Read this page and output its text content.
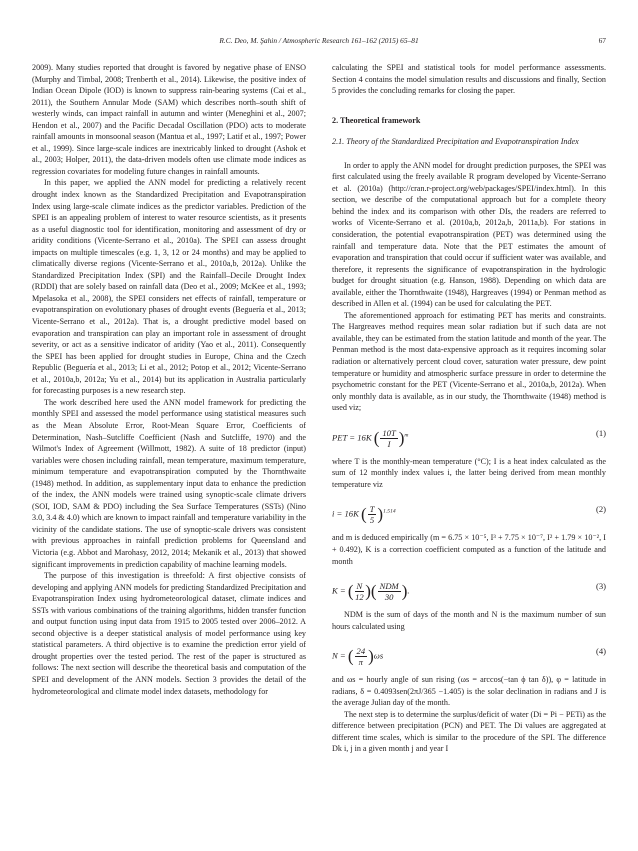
R.C. Deo, M. Şahin / Atmospheric Research 161–162 (2015) 65–81	67

2009). Many studies reported that drought is favored by negative phase of ENSO (Murphy and Timbal, 2008; Trenberth et al., 2014). Likewise, the positive index of Indian Ocean Dipole (IOD) is known to suppress rain-bearing systems (Cai et al., 2011), the Southern Annular Mode (SAM) which describes north–south shift of westerly winds, can impact rainfall in autumn and winter (Meneghini et al., 2007; Hendon et al., 2007) and the Pacific Decadal Oscillation (PDO) acts to moderate rainfall amounts in monsoonal season (Mantua et al., 1997; Latif et al., 1997; Power et al., 1999). Since large-scale indices are inextricably linked to drought (Ashok et al., 2003; Holper, 2011), the data-driven models often use climate mode indices as regression covariates for modeling future changes in rainfall amounts.

In this paper, we applied the ANN model for predicting a relatively recent drought index known as the Standardized Precipitation and Evapotranspiration Index using large-scale climate indices as the predictor variables. Prediction of the SPEI is an appealing problem of interest to water resource scientists, as it presents as a useful diagnostic tool for identification, monitoring and assessment of dry or aridity conditions (Vicente-Serrano et al., 2010a). The SPEI can assess drought impacts on multiple timescales (e.g. 1, 3, 12 or 24 months) and may be applied to climatically diverse regions (Vicente-Serrano et al., 2010a,b, 2012a). Unlike the Standardized Precipitation Index (SPI) and the Rainfall–Decile Drought Index (RDDI) that are solely based on rainfall data (Deo et al., 2009; McKee et al., 1993; Mpelasoka et al., 2008), the SPEI considers net effects of rainfall, temperature or evapotranspiration on evolutionary phases of drought events (Beguería et al., 2013; Vicente-Serrano et al., 2012a). That is, a drought predictive model based on evaporation and transpiration can play an important role in assessment of drought severity, or act as a sensitive indicator of aridity (Yao et al., 2011). Consequently the SPEI has been applied for drought studies in Europe, China and the Czech Republic (Beguería et al., 2013; Li et al., 2012; Potop et al., 2012; Vicente-Serrano et al., 2010a,b, 2012a; Yu et al., 2014) but its application in Australia particularly for forecasting purposes is a new research step.

The work described here used the ANN model framework for predicting the monthly SPEI and assessed the model performance using statistical measures such as the Mean Absolute Error, Root-Mean Square Error, Coefficients of Determination, Nash–Sutcliffe Coefficient (Nash and Sutcliffe, 1970) and the Wilmot's Index of Agreement (Willmott, 1982). A suite of 18 predictor (input) variables were chosen including rainfall, mean temperature, maximum temperature, minimum temperature and evapotranspiration computed by the Thornthwaite (1948) method. In addition, as supplementary input data to enhance the prediction of the index, the ANN models were trained using synoptic-scale climate drivers (SOI, IOD, SAM & PDO) including the Sea Surface Temperatures (SSTs) (Nino 3.0, 3.4 & 4.0) which are known to impact rainfall and temperature variability in the vicinity of the candidate stations. The use of synoptic-scale drivers was consistent with previous approaches in rainfall prediction problems for Queensland and Victoria (e.g. Abbot and Marohasy, 2012, 2014; Mekanik et al., 2013) that showed significant improvements in prediction capability of machine learning models.

The purpose of this investigation is threefold: A first objective consists of developing and applying ANN models for predicting Standardized Precipitation and Evapotranspiration Index using hydrometeorological dataset, climate indices and SSTs with various combinations of the training algorithms, hidden transfer function and output function using input data from 1915 to 2005 tested over 2006–2012. A second objective is a deeper statistical analysis of model performance using key statistical parameters. A third objective is to examine the prediction error yield of drought properties over the tested period. The rest of the paper is structured as follows: The next section will describe the theoretical basis and computation of the SPEI and development of the ANN models. Section 3 provides the detail of the hydrometeorological and climate model index datasets, methodology for

calculating the SPEI and statistical tools for model performance assessments. Section 4 contains the model simulation results and discussions and finally, Section 5 provides the concluding remarks for closing the paper.

2. Theoretical framework

2.1. Theory of the Standardized Precipitation and Evapotranspiration Index

In order to apply the ANN model for drought prediction purposes, the SPEI was first calculated using the freely available R program developed by Vicente-Serrano et al. (2010a) (http://cran.r-project.org/web/packages/SPEI/index.html). In this section, we describe of the computational approach but for a complete theory behind the index and its comparison with other DIs, the readers are referred to works of Vicente-Serrano et al. (2010a,b, 2012a,b, 2011a,b). For stations in consideration, the potential evapotranspiration (PET) was determined using the rainfall and temperature data. Note that the PET estimates the amount of evaporation and transpiration that could occur if sufficient water was available, and therefore, it represents the significance of evapotranspiration in the hydrologic budget for drought situation (e.g. Hanson, 1988). Depending on which data are available, either the Thornthwaite (1948), Hargreaves (1994) or Penman method as described in Allen et al. (1994) can be used for calculating the PET.

The aforementioned approach for estimating PET has merits and constraints. The Hargreaves method requires mean solar radiation but if such data are not available, they can be estimated from the station latitude and month of the year. The Penman method is the most data-expensive approach as it requires incoming solar radiation or alternatively percent cloud cover, saturation water pressure, dew point temperature or humidity and atmospheric surface pressure in order to determine the psychometric constant for the PET (Vicente-Serrano et al., 2010a,b, 2012a). When only monthly data is available, as in our study, the Thornthwaite (1948) method is used viz;

PET = 16K ( $\frac{10T}{I} )^m$	(1)

where T is the monthly-mean temperature (°C); I is a heat index calculated as the sum of 12 monthly index values i, the latter being derived from mean monthly temperature viz

i = 16K ( $\frac{T}{5} )^{1.514}$	(2)

and m is deduced empirically (m = 6.75 × 10⁻⁵, I³ + 7.75 × 10⁻⁷, I² + 1.79 × 10⁻², I + 0.492), K is a correction coefficient computed as a function of the latitude and month

K = ( $\frac{N}{12}$ )( $\frac{\text{NDM}}{30}$ ).	(3)

NDM is the sum of days of the month and N is the maximum number of sun hours calculated using

N = ( $\frac{24}{\pi} )\omega s$	(4)

and ωs = hourly angle of sun rising (ωs = arccos(−tan ϕ tan δ)), φ = latitude in radians, δ = 0.4093sen(2πJ/365 −1.405) is the solar declination in radians and J is the average Julian day of the month.

The next step is to determine the surplus/deficit of water (Di = Pi − PETi) as the difference between precipitation (PCN) and PET. The Di values are aggregated at different time scales, which is similar to the procedure of the SPI. The difference Dk i, j in a given month j and year I
